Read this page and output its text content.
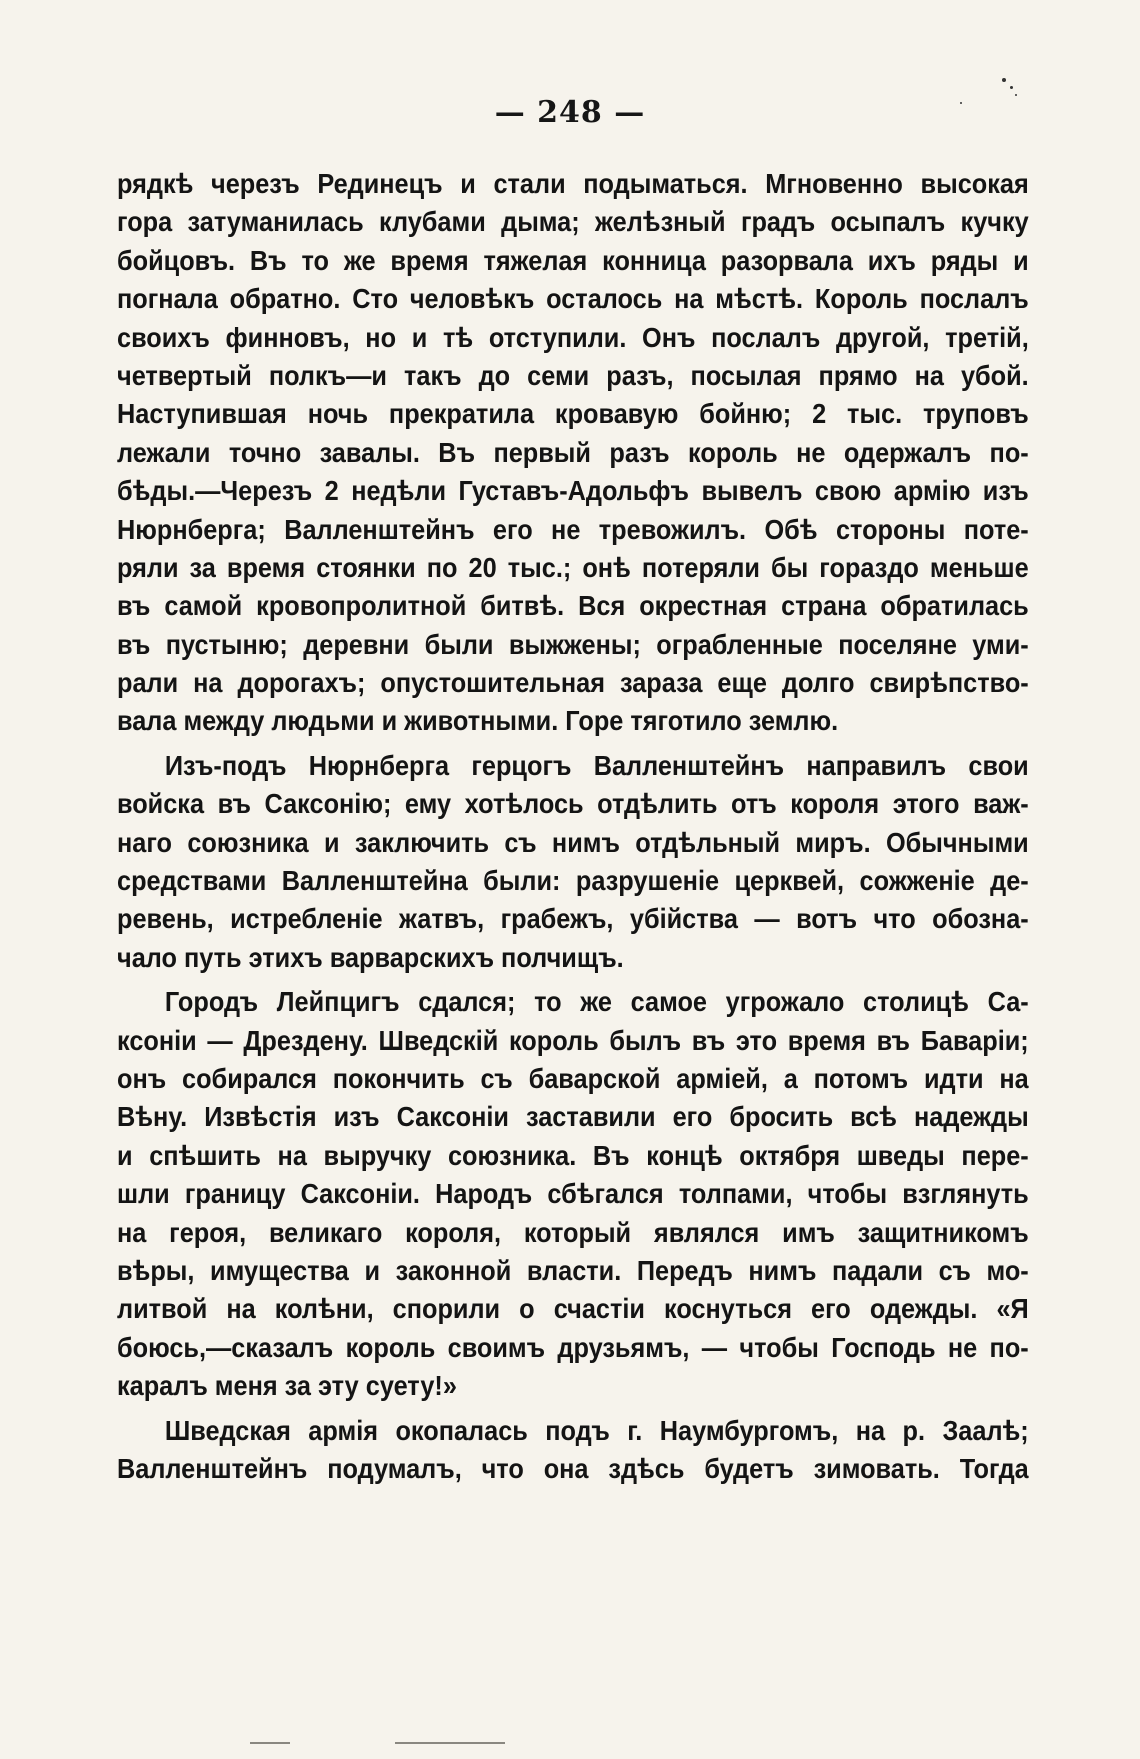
— 248 —
рядкѣ черезъ Рединецъ и стали подыматься. Мгновенно высокая
гора затуманилась клубами дыма; желѣзный градъ осыпалъ кучку
бойцовъ. Въ то же время тяжелая конница разорвала ихъ ряды и
погнала обратно. Сто человѣкъ осталось на мѣстѣ. Король послалъ
своихъ финновъ, но и тѣ отступили. Онъ послалъ другой, третій,
четвертый полкъ—и такъ до семи разъ, посылая прямо на убой.
Наступившая ночь прекратила кровавую бойню; 2 тыс. труповъ
лежали точно завалы. Въ первый разъ король не одержалъ по-
бѣды.—Черезъ 2 недѣли Густавъ-Адольфъ вывелъ свою армію изъ
Нюрнберга; Валленштейнъ его не тревожилъ. Обѣ стороны поте-
ряли за время стоянки по 20 тыс.; онѣ потеряли бы гораздо меньше
въ самой кровопролитной битвѣ. Вся окрестная страна обратилась
въ пустыню; деревни были выжжены; ограбленные поселяне уми-
рали на дорогахъ; опустошительная зараза еще долго свирѣпство-
вала между людьми и животными. Горе тяготило землю.
Изъ-подъ Нюрнберга герцогъ Валленштейнъ направилъ свои
войска въ Саксонію; ему хотѣлось отдѣлить отъ короля этого важ-
наго союзника и заключить съ нимъ отдѣльный миръ. Обычными
средствами Валленштейна были: разрушеніе церквей, сожженіе де-
ревень, истребленіе жатвъ, грабежъ, убійства — вотъ что обозна-
чало путь этихъ варварскихъ полчищъ.
Городъ Лейпцигъ сдался; то же самое угрожало столицѣ Са-
ксоніи — Дрездену. Шведскій король былъ въ это время въ Баваріи;
онъ собирался покончить съ баварской арміей, а потомъ идти на
Вѣну. Извѣстія изъ Саксоніи заставили его бросить всѣ надежды
и спѣшить на выручку союзника. Въ концѣ октября шведы пере-
шли границу Саксоніи. Народъ сбѣгался толпами, чтобы взглянуть
на героя, великаго короля, который являлся имъ защитникомъ
вѣры, имущества и законной власти. Передъ нимъ падали съ мо-
литвой на колѣни, спорили о счастіи коснуться его одежды. «Я
боюсь,—сказалъ король своимъ друзьямъ, — чтобы Господь не по-
каралъ меня за эту суету!»
Шведская армія окопалась подъ г. Наумбургомъ, на р. Заалѣ;
Валленштейнъ подумалъ, что она здѣсь будетъ зимовать. Тогда
